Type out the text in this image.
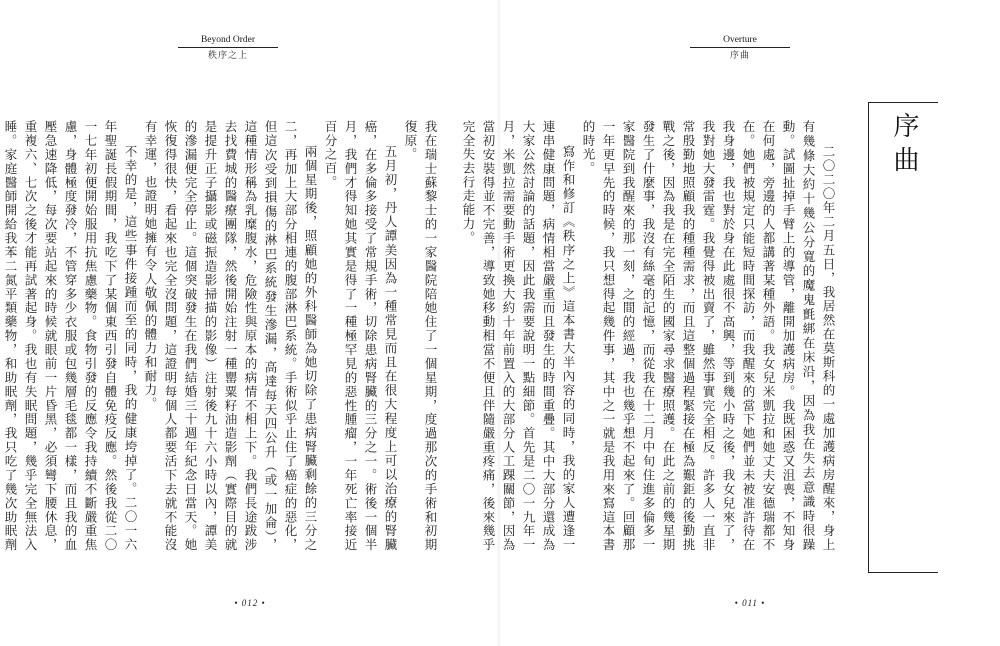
Beyond Order
秩序之上

我在瑞士蘇黎士的一家醫院陪她住了一個星期，度過那次的手術和初期復原。

五月初，丹人譚美因為一種常見而且在很大程度上可以治療的腎臟癌，在多倫多接受了常規手術，切除患病腎臟的三分之一。術後一個半月，我們才得知她其實是得了一種極罕見的惡性腫瘤，一年死亡率接近百分之百。

兩個星期後，照顧她的外科醫師為她切除了患病腎臟剩餘的三分之二，再加上大部分相連的腹部淋巴系統。手術似乎止住了癌症的惡化，但這次受到損傷的淋巴系統發生滲漏，高達每天四公升（或一加侖），這種情形稱為乳糜腹水，危險性與原本的病情不相上下。我們長途跋涉去找費城的醫療團隊，然後開始注射一種罌粟籽油造影劑（實際目的就是提升正子攝影或磁振造影掃描的影像）注射後九十六小時以內，譚美的滲漏便完全停止。這個突破發生在我們結婚三十週年紀念日當天。她恢復得很快，看起來也完全沒問題，這證明每個人都要活下去就不能沒有幸運，也證明她擁有令人敬佩的體力和耐力。

不幸的是，這些事件接踵而至的同時，我的健康垮掉了。二〇一六年聖誕長假期間，我吃下了某個東西引發自體免疫反應。然後我從二〇一七年初便開始服用抗焦慮藥物。食物引發的反應令我持續不斷嚴重焦慮，身體極度發冷，不管穿多少衣服或包幾層毛毯都一樣，而且我的血壓急速降低，每次要站起來的時候就眼前一片昏黑，必須彎下腰休息，重複六、七次之後才能再試著起身。我也有失眠問題，幾乎完全無法入睡。家庭醫師開給我苯二氮平類藥物，和助眠劑，我只吃了幾次助眠劑

• 012 •
Overture
序曲
序曲

二〇二〇年二月五日，我居然在莫斯科的一處加護病房醒來，身上有幾條大約十幾公分寬的魔鬼氈綁在床沿，因為我在失去意識時很躁動。試圖扯掉手臂上的導管，離開加護病房。我既困惑又沮喪，不知身在何處，旁邊的人都講著某種外語。我女兒米凱拉和她丈夫安德瑞都不在。她們被規定只能短時間探訪，而我醒來的當下她們並未被准許待在我身邊，我也對於身在此處很不高興，等到幾小時之後，我女兒來了，我對她大發雷霆。我覺得被出賣了，雖然事實完全相反。許多人一直非常殷勤地照顧我的種種需求，而且這整個過程緊接在極為艱鉅的後勤挑戰之後，因為我是在完全陌生的國家尋求醫療照護。在此之前的幾星期發生了什麼事，我沒有絲毫的記憶，而從我在十二月中旬住進多倫多一家醫院到我醒來的那一刻，之間的經過，我也幾乎想不起來了。回顧那一年更早先的時候，我只想得起幾件事，其中之一就是我用來寫這本書的時光。

寫作和修訂《秩序之上》這本書大半內容的同時，我的家人遭逢一連串健康問題，病情相當嚴重而且發生的時間重疊。其中大部分還成為大家公然討論的話題，因此我需要說明一點細節。首先是二〇一九年一月，米凱拉需要動手術更換大約十年前置入的大部分人工踝關節，因為當初安裝得並不完善，導致她移動相當不便且伴隨嚴重疼痛，後來幾乎完全失去行走能力。

• 011 •
